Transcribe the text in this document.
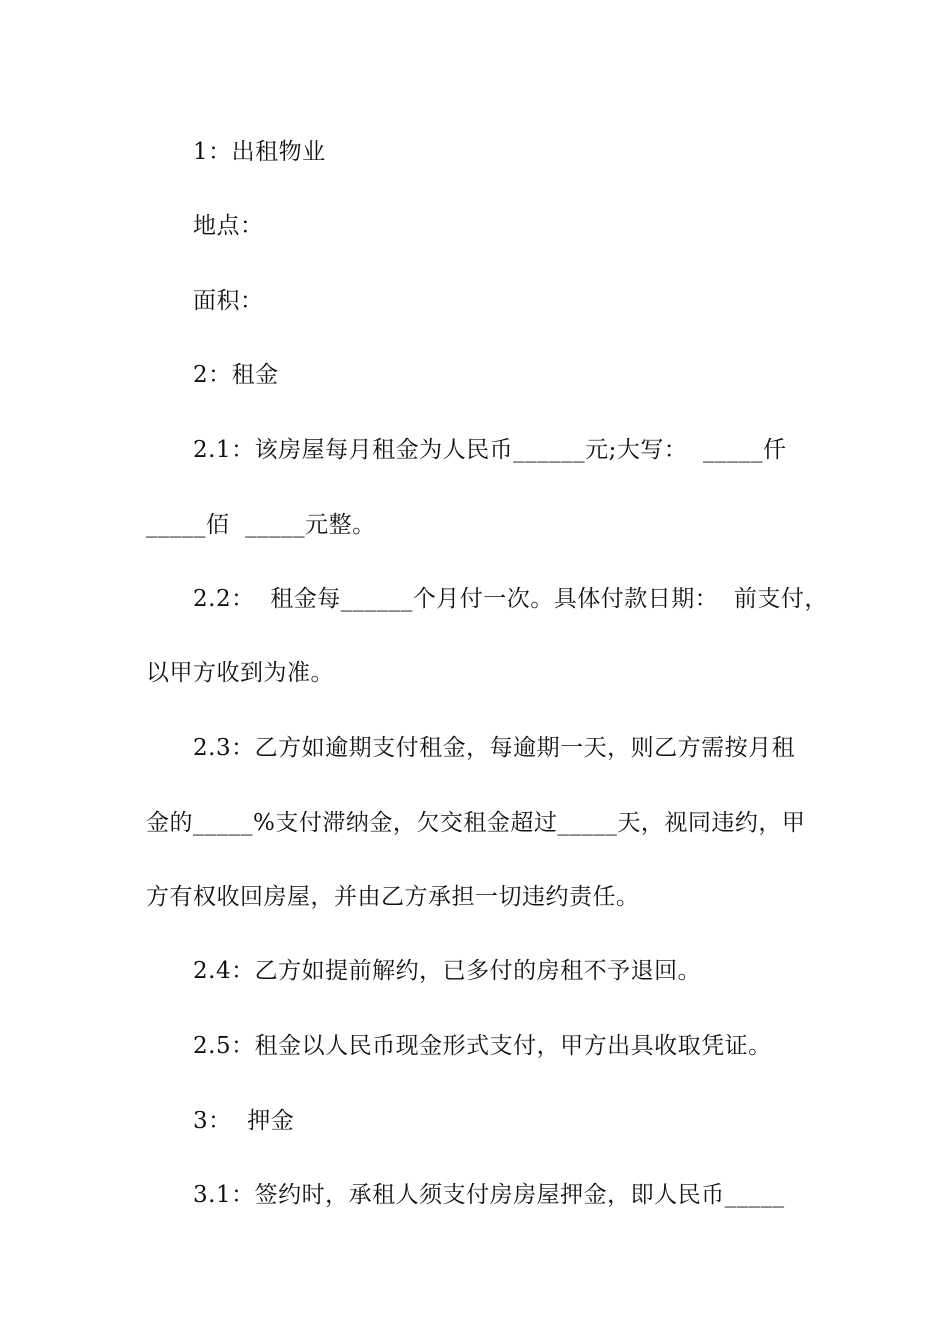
1：出租物业
地点：
面积：
2：租金
2.1：该房屋每月租金为人民币______元;大写：  _____仟
_____佰  _____元整。
2.2：  租金每______个月付一次。具体付款日期：  前支付，
以甲方收到为准。
2.3：乙方如逾期支付租金，每逾期一天，则乙方需按月租
金的_____%支付滞纳金，欠交租金超过_____天，视同违约，甲
方有权收回房屋，并由乙方承担一切违约责任。
2.4：乙方如提前解约，已多付的房租不予退回。
2.5：租金以人民币现金形式支付，甲方出具收取凭证。
3：  押金
3.1：签约时，承租人须支付房房屋押金，即人民币_____
